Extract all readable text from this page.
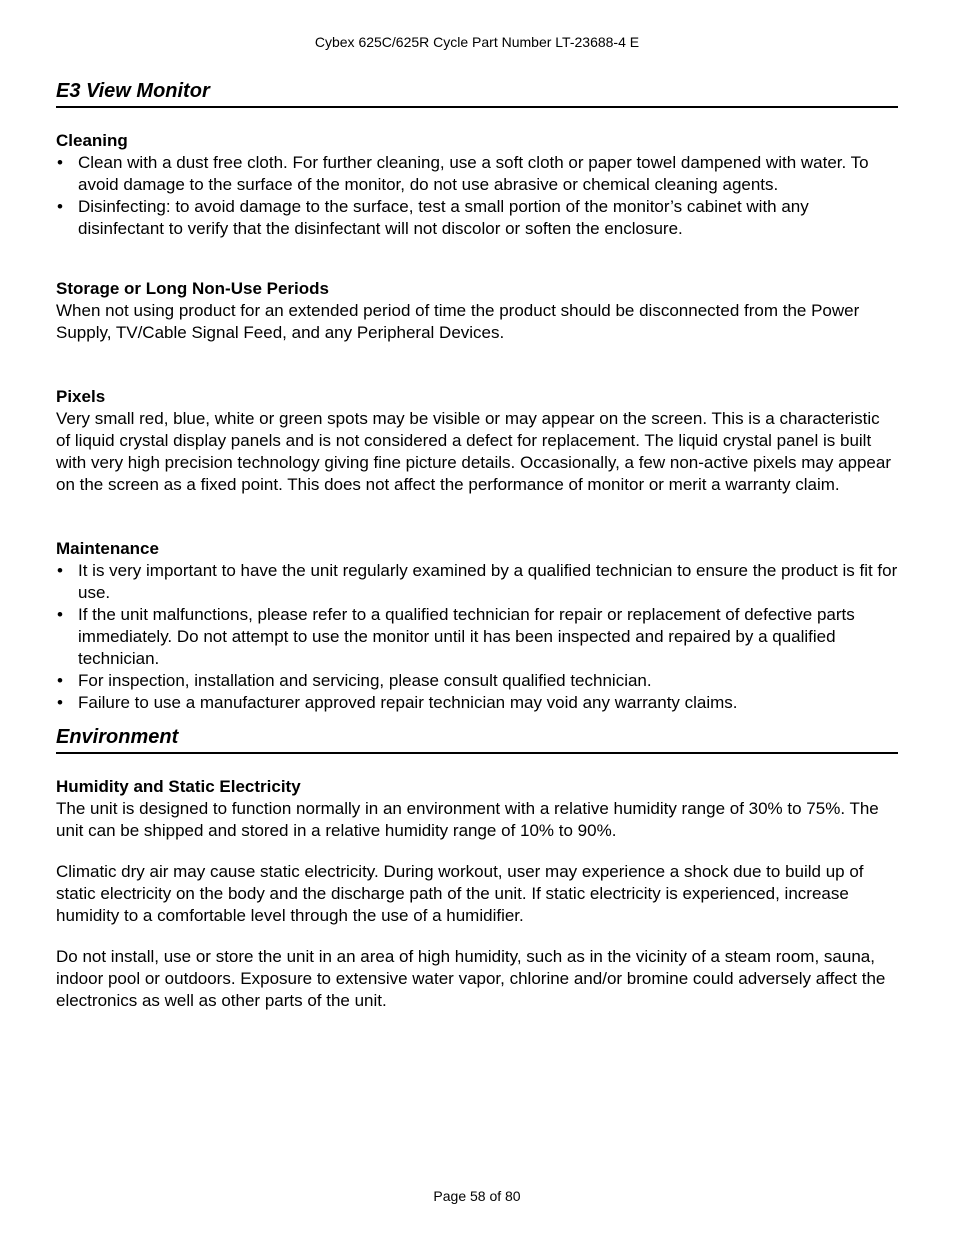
Cybex 625C/625R Cycle Part Number LT-23688-4 E
E3 View Monitor
Cleaning
• Clean with a dust free cloth. For further cleaning, use a soft cloth or paper towel dampened with water. To avoid damage to the surface of the monitor, do not use abrasive or chemical cleaning agents.
• Disinfecting: to avoid damage to the surface, test a small portion of the monitor’s cabinet with any disinfectant to verify that the disinfectant will not discolor or soften the enclosure.
Storage or Long Non-Use Periods

When not using product for an extended period of time the product should be disconnected from the Power Supply, TV/Cable Signal Feed, and any Peripheral Devices.

Pixels

Very small red, blue, white or green spots may be visible or may appear on the screen. This is a characteristic of liquid crystal display panels and is not considered a defect for replacement. The liquid crystal panel is built with very high precision technology giving fine picture details. Occasionally, a few non-active pixels may appear on the screen as a fixed point. This does not affect the performance of monitor or merit a warranty claim.

Maintenance
• It is very important to have the unit regularly examined by a qualified technician to ensure the product is fit for use.
• If the unit malfunctions, please refer to a qualified technician for repair or replacement of defective parts immediately. Do not attempt to use the monitor until it has been inspected and repaired by a qualified technician.
• For inspection, installation and servicing, please consult qualified technician.
• Failure to use a manufacturer approved repair technician may void any warranty claims.
Environment
Humidity and Static Electricity

The unit is designed to function normally in an environment with a relative humidity range of 30% to 75%. The unit can be shipped and stored in a relative humidity range of 10% to 90%.

Climatic dry air may cause static electricity. During workout, user may experience a shock due to build up of static electricity on the body and the discharge path of the unit. If static electricity is experienced, increase humidity to a comfortable level through the use of a humidifier.

Do not install, use or store the unit in an area of high humidity, such as in the vicinity of a steam room, sauna, indoor pool or outdoors. Exposure to extensive water vapor, chlorine and/or bromine could adversely affect the electronics as well as other parts of the unit.

Page 58 of 80
